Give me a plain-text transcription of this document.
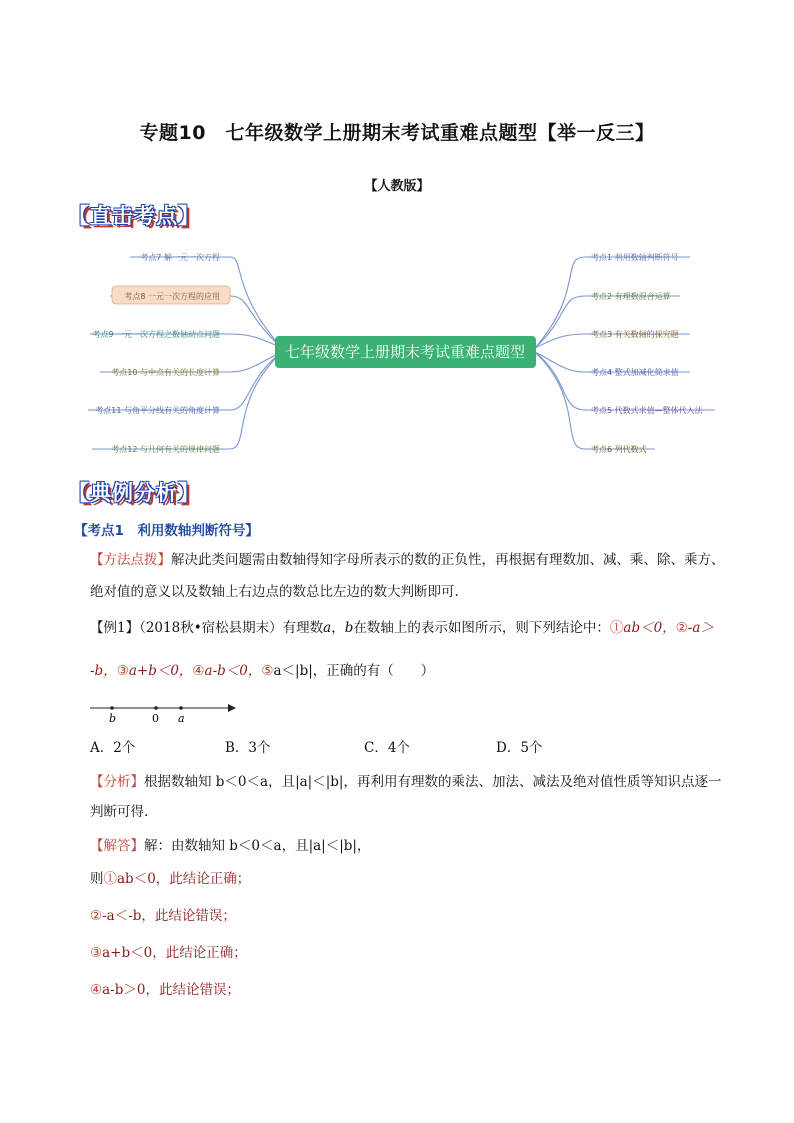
专题10　七年级数学上册期末考试重难点题型【举一反三】
【人教版】
【直击考点】
七年级数学上册期末考试重难点题型
考点7 解一元一次方程
考点8 一元一次方程的应用
考点9 一元一次方程之数轴动点问题
考点10 与中点有关的长度计算
考点11 与角平分线有关的角度计算
考点12 与几何有关的规律问题
考点1 利用数轴判断符号
考点2 有理数混合运算
考点3 有关数轴的探究题
考点4 整式加减化简求值
考点5 代数式求值—整体代入法
考点6 列代数式
【典例分析】
【考点1　利用数轴判断符号】
【方法点拨】解决此类问题需由数轴得知字母所表示的数的正负性，再根据有理数加、减、乘、除、乘方、
绝对值的意义以及数轴上右边点的数总比左边的数大判断即可.
【例1】（2018秋•宿松县期末）有理数a，b在数轴上的表示如图所示，则下列结论中：①ab＜0，②-a＞
-b，③a+b＜0，④a-b＜0，⑤a＜|b|，正确的有（　　）
b	0 a
A．2个	B．3个	C．4个	D．5个
【分析】根据数轴知 b＜0＜a，且|a|＜|b|，再利用有理数的乘法、加法、减法及绝对值性质等知识点逐一
判断可得.
【解答】解：由数轴知 b＜0＜a，且|a|＜|b|，
则①ab＜0，此结论正确；
②-a＜-b，此结论错误；
③a+b＜0，此结论正确；
④a-b＞0，此结论错误；
